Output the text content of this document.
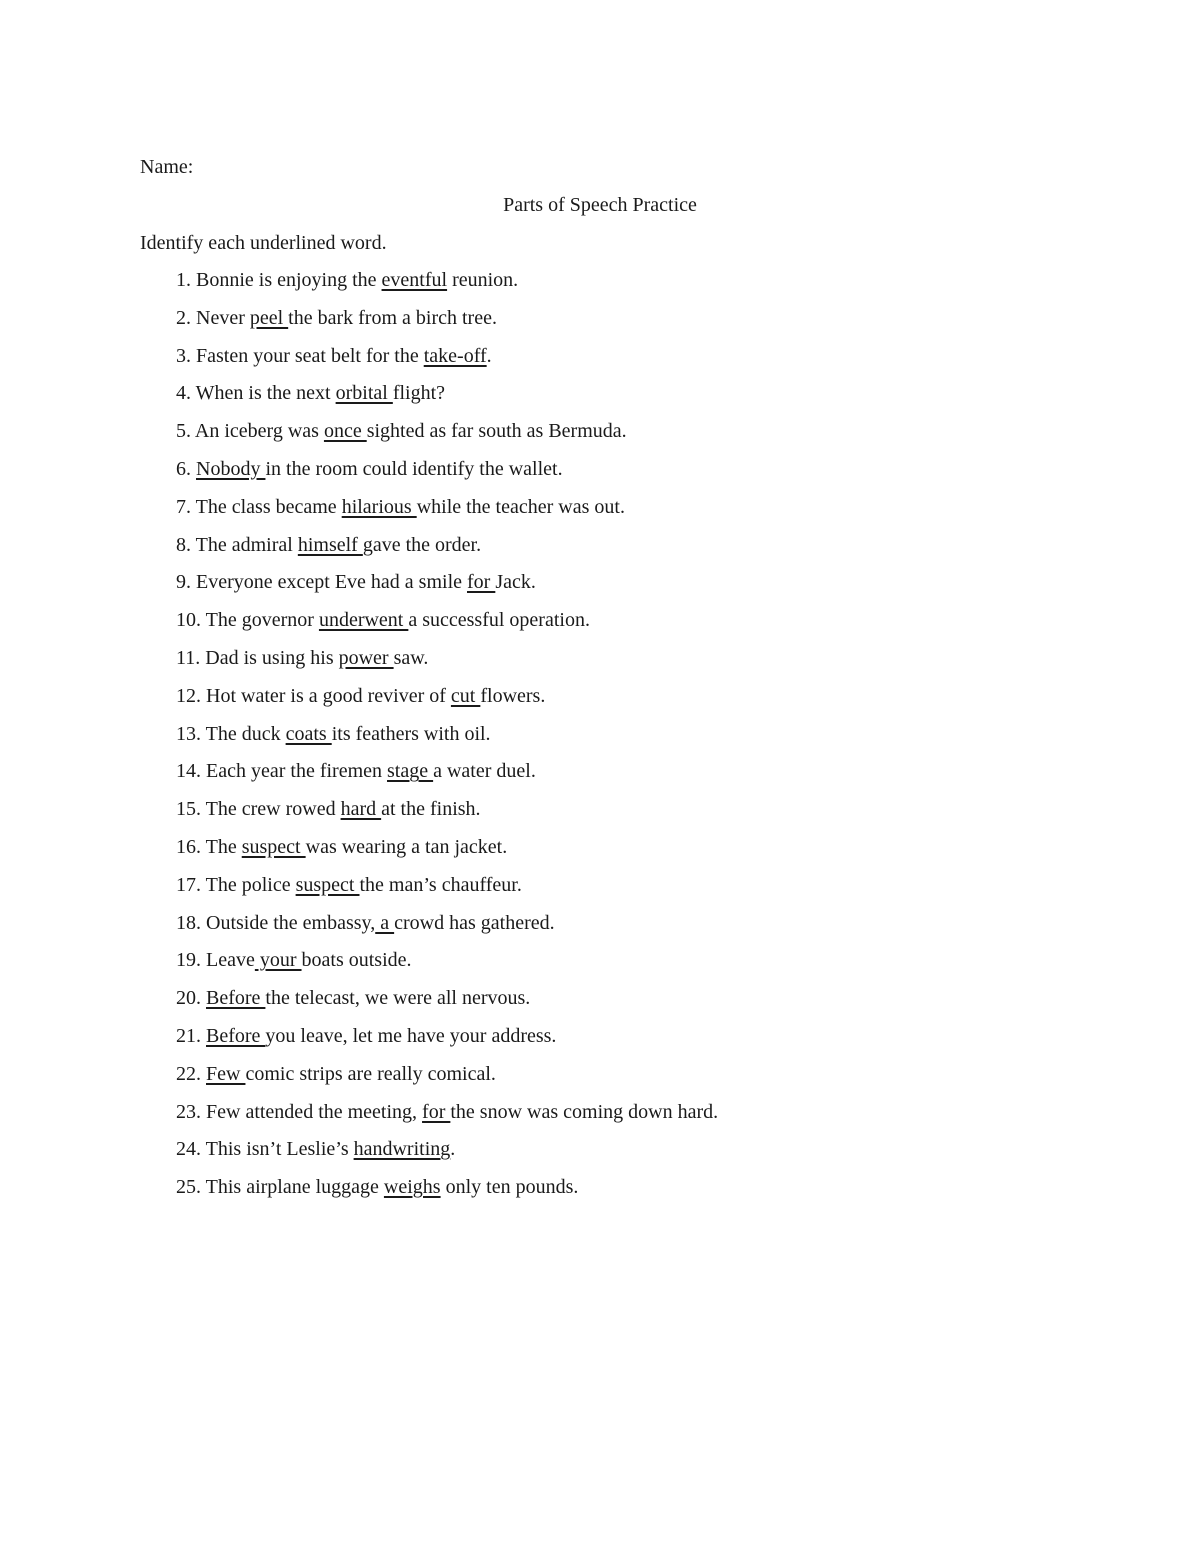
Name:

Parts of Speech Practice

Identify each underlined word.

1. Bonnie is enjoying the eventful reunion.
2. Never peel the bark from a birch tree.
3. Fasten your seat belt for the take-off.
4. When is the next orbital flight?
5. An iceberg was once sighted as far south as Bermuda.
6. Nobody in the room could identify the wallet.
7. The class became hilarious while the teacher was out.
8. The admiral himself gave the order.
9. Everyone except Eve had a smile for Jack.
10. The governor underwent a successful operation.
11. Dad is using his power saw.
12. Hot water is a good reviver of cut flowers.
13. The duck coats its feathers with oil.
14. Each year the firemen stage a water duel.
15. The crew rowed hard at the finish.
16. The suspect was wearing a tan jacket.
17. The police suspect the man’s chauffeur.
18. Outside the embassy, a crowd has gathered.
19. Leave your boats outside.
20. Before the telecast, we were all nervous.
21. Before you leave, let me have your address.
22. Few comic strips are really comical.
23. Few attended the meeting, for the snow was coming down hard.
24. This isn’t Leslie’s handwriting.
25. This airplane luggage weighs only ten pounds.
